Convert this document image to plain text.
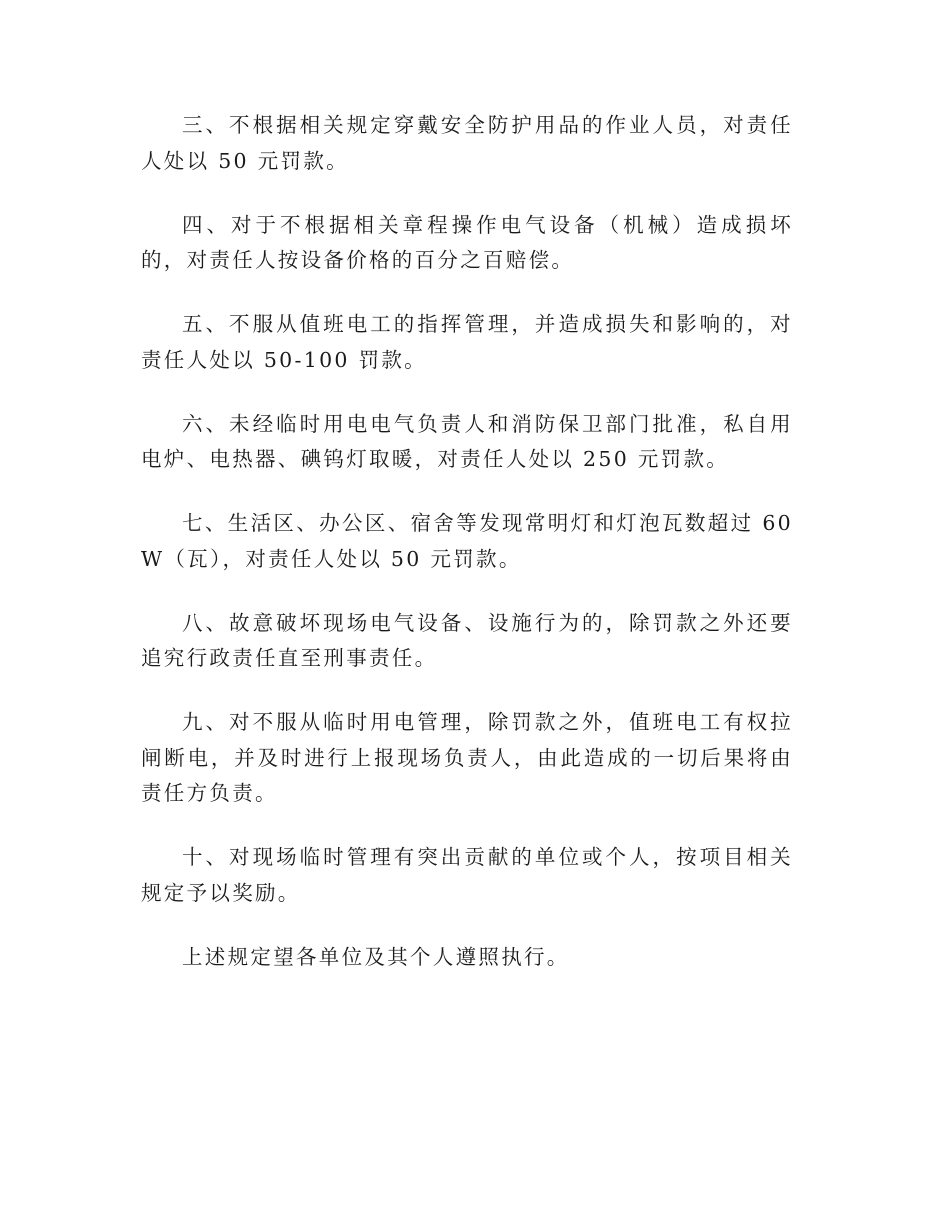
三、不根据相关规定穿戴安全防护用品的作业人员，对责任人处以 50 元罚款。

四、对于不根据相关章程操作电气设备（机械）造成损坏的，对责任人按设备价格的百分之百赔偿。

五、不服从值班电工的指挥管理，并造成损失和影响的，对责任人处以 50-100 罚款。

六、未经临时用电电气负责人和消防保卫部门批准，私自用电炉、电热器、碘钨灯取暖，对责任人处以 250 元罚款。

七、生活区、办公区、宿舍等发现常明灯和灯泡瓦数超过 60W（瓦），对责任人处以 50 元罚款。

八、故意破坏现场电气设备、设施行为的，除罚款之外还要追究行政责任直至刑事责任。

九、对不服从临时用电管理，除罚款之外，值班电工有权拉闸断电，并及时进行上报现场负责人，由此造成的一切后果将由责任方负责。

十、对现场临时管理有突出贡献的单位或个人，按项目相关规定予以奖励。

上述规定望各单位及其个人遵照执行。
